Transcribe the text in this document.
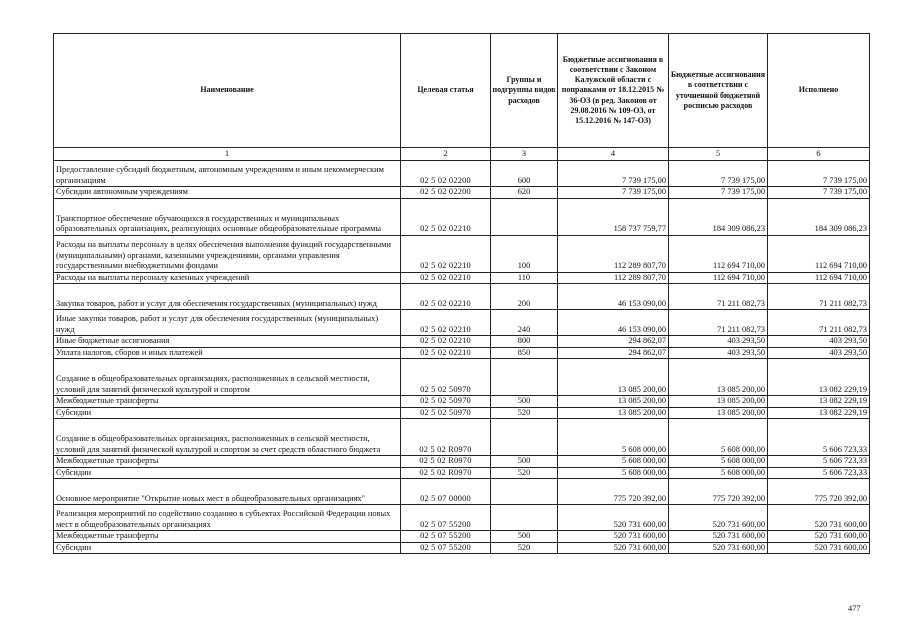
Наименование	Целевая статья	Группы и подгруппы видов расходов	Бюджетные ассигнования в соответствии с Законом Калужской области с поправками от 18.12.2015 № 36-ОЗ (в ред. Законов от 29.08.2016 № 109-ОЗ, от 15.12.2016 № 147-ОЗ)	Бюджетные ассигнования в соответствии с уточненной бюджетной росписью расходов	Исполнено
1	2	3	4	5	6
Предоставление субсидий бюджетным, автономным учреждениям и иным некоммерческим организациям	02 5 02 02200	600	7 739 175,00	7 739 175,00	7 739 175,00
Субсидии автономным учреждениям	02 5 02 02200	620	7 739 175,00	7 739 175,00	7 739 175,00
Транспортное обеспечение обучающихся в государственных и муниципальных образовательных организациях, реализующих основные общеобразовательные программы	02 5 02 02210		158 737 759,77	184 309 086,23	184 309 086,23
Расходы на выплаты персоналу в целях обеспечения выполнения функций государственными (муниципальными) органами, казенными учреждениями, органами управления государственными внебюджетными фондами	02 5 02 02210	100	112 289 807,70	112 694 710,00	112 694 710,00
Расходы на выплаты персоналу казенных учреждений	02 5 02 02210	110	112 289 807,70	112 694 710,00	112 694 710,00
Закупка товаров, работ и услуг для обеспечения государственных (муниципальных) нужд	02 5 02 02210	200	46 153 090,00	71 211 082,73	71 211 082,73
Иные закупки товаров, работ и услуг для обеспечения государственных (муниципальных) нужд	02 5 02 02210	240	46 153 090,00	71 211 082,73	71 211 082,73
Иные бюджетные ассигнования	02 5 02 02210	800	294 862,07	403 293,50	403 293,50
Уплата налогов, сборов и иных платежей	02 5 02 02210	850	294 862,07	403 293,50	403 293,50
Создание в общеобразовательных организациях, расположенных в сельской местности, условий для занятий физической культурой и спортом	02 5 02 50970		13 085 200,00	13 085 200,00	13 082 229,19
Межбюджетные трансферты	02 5 02 50970	500	13 085 200,00	13 085 200,00	13 082 229,19
Субсидии	02 5 02 50970	520	13 085 200,00	13 085 200,00	13 082 229,19
Создание в общеобразовательных организациях, расположенных в сельской местности, условий для занятий физической культурой и спортом за счет средств областного бюджета	02 5 02 R0970		5 608 000,00	5 608 000,00	5 606 723,33
Межбюджетные трансферты	02 5 02 R0970	500	5 608 000,00	5 608 000,00	5 606 723,33
Субсидии	02 5 02 R0970	520	5 608 000,00	5 608 000,00	5 606 723,33
Основное мероприятие "Открытие новых мест в общеобразовательных организациях"	02 5 07 00000		775 720 392,00	775 720 392,00	775 720 392,00
Реализация мероприятий по содействию созданию в субъектах Российской Федерации новых мест в общеобразовательных организациях	02 5 07 55200		520 731 600,00	520 731 600,00	520 731 600,00
Межбюджетные трансферты	02 5 07 55200	500	520 731 600,00	520 731 600,00	520 731 600,00
Субсидии	02 5 07 55200	520	520 731 600,00	520 731 600,00	520 731 600,00
477
